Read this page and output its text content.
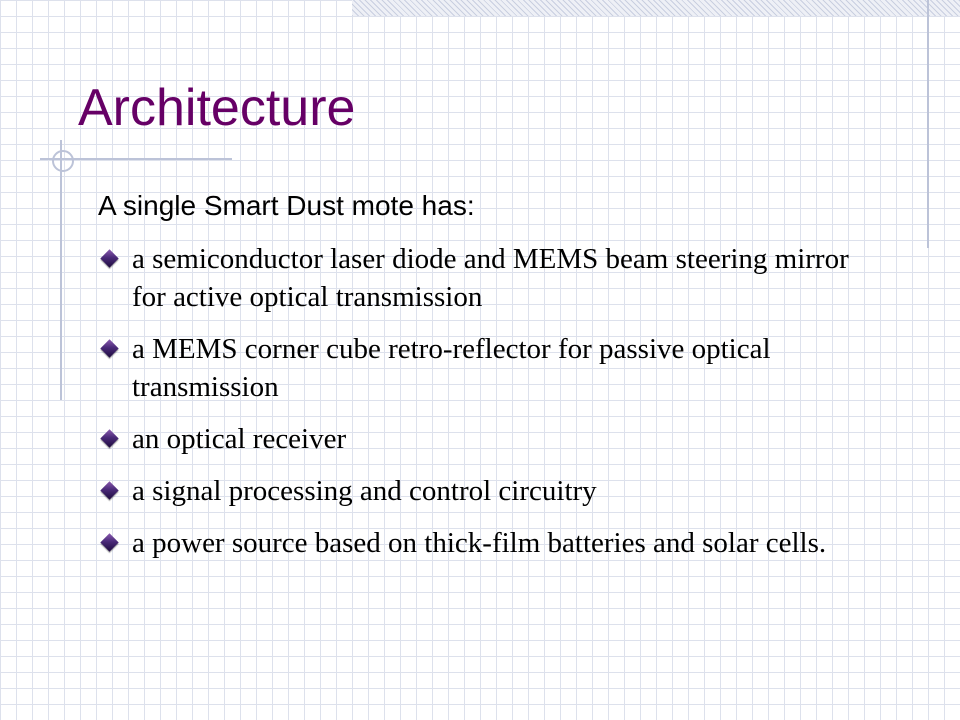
Architecture

A single Smart Dust mote has:

a semiconductor laser diode and MEMS beam steering mirror for active optical transmission
a MEMS corner cube retro-reflector for passive optical transmission
an optical receiver
a signal processing and control circuitry
a power source based on thick-film batteries and solar cells.
